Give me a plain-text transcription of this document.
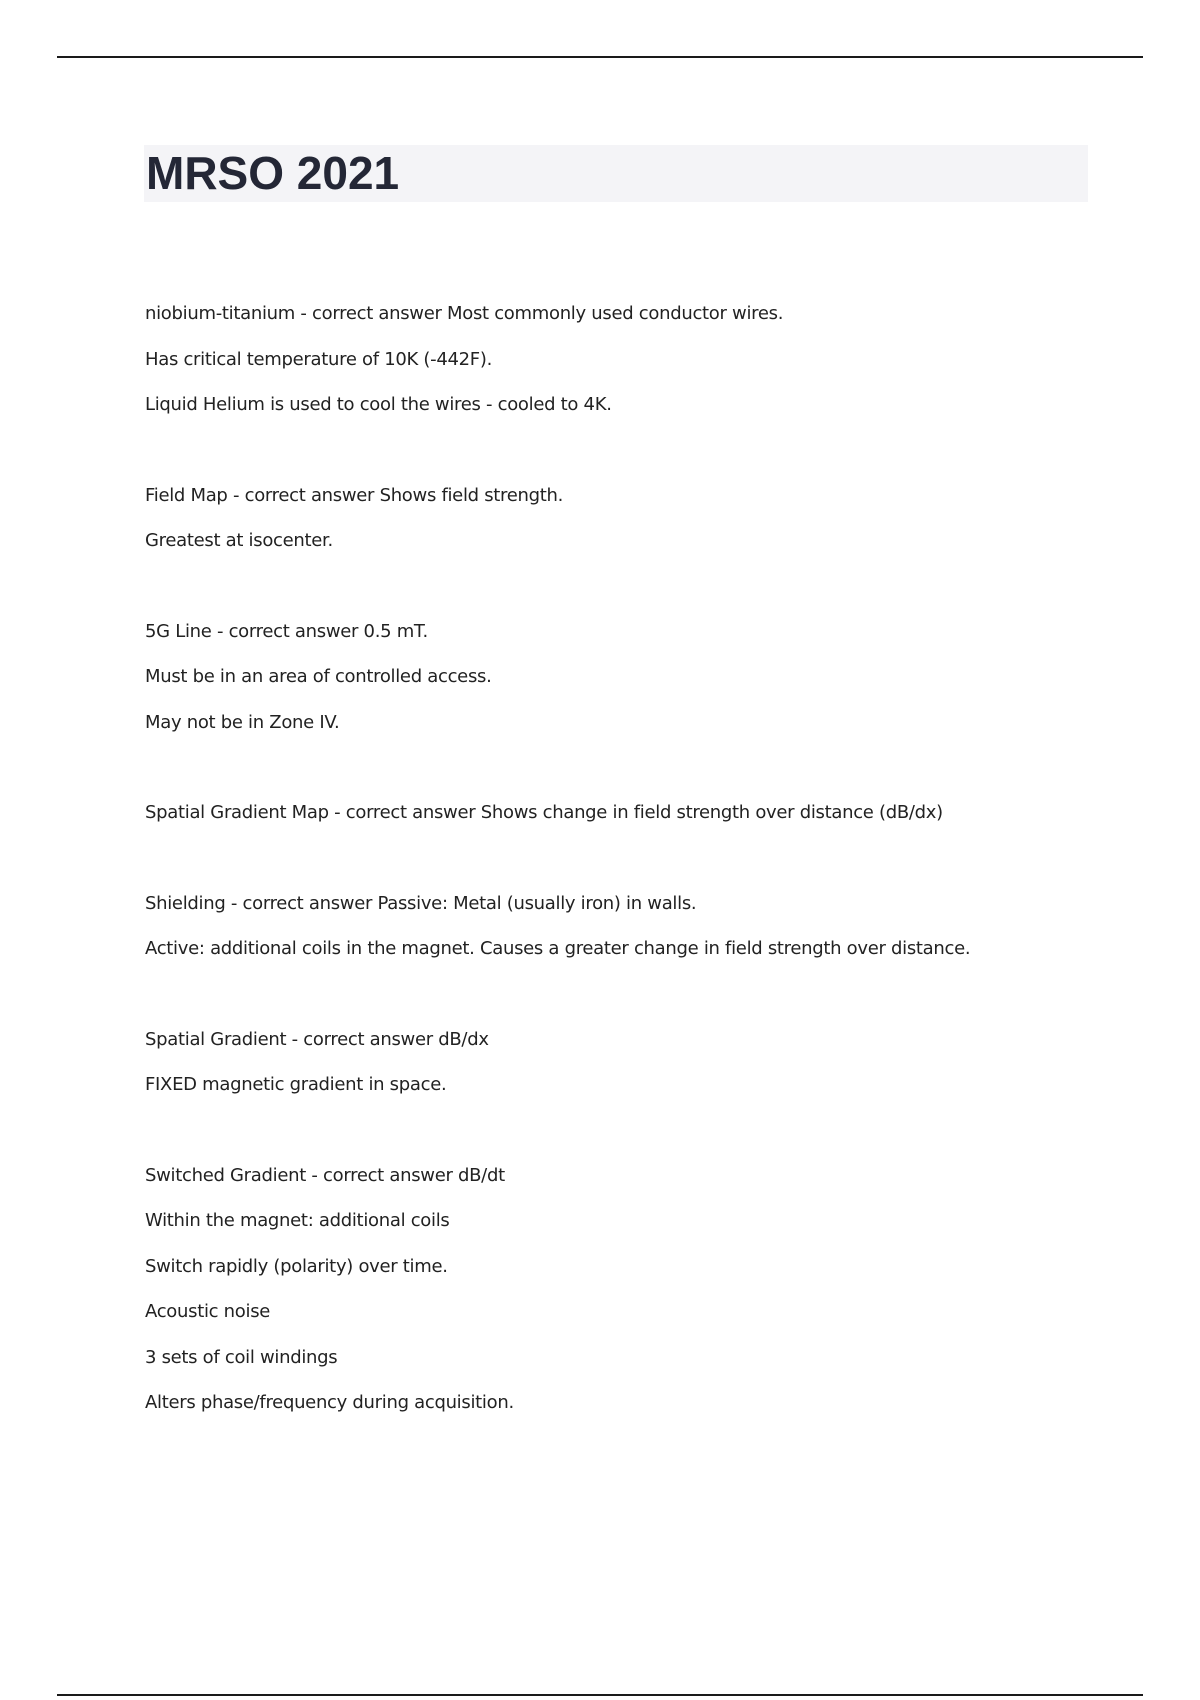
MRSO 2021
niobium-titanium - correct answer Most commonly used conductor wires.
Has critical temperature of 10K (-442F).
Liquid Helium is used to cool the wires - cooled to 4K.
Field Map - correct answer Shows field strength.
Greatest at isocenter.
5G Line - correct answer 0.5 mT.
Must be in an area of controlled access.
May not be in Zone IV.
Spatial Gradient Map - correct answer Shows change in field strength over distance (dB/dx)
Shielding - correct answer Passive: Metal (usually iron) in walls.
Active: additional coils in the magnet. Causes a greater change in field strength over distance.
Spatial Gradient - correct answer dB/dx
FIXED magnetic gradient in space.
Switched Gradient - correct answer dB/dt
Within the magnet: additional coils
Switch rapidly (polarity) over time.
Acoustic noise
3 sets of coil windings
Alters phase/frequency during acquisition.
